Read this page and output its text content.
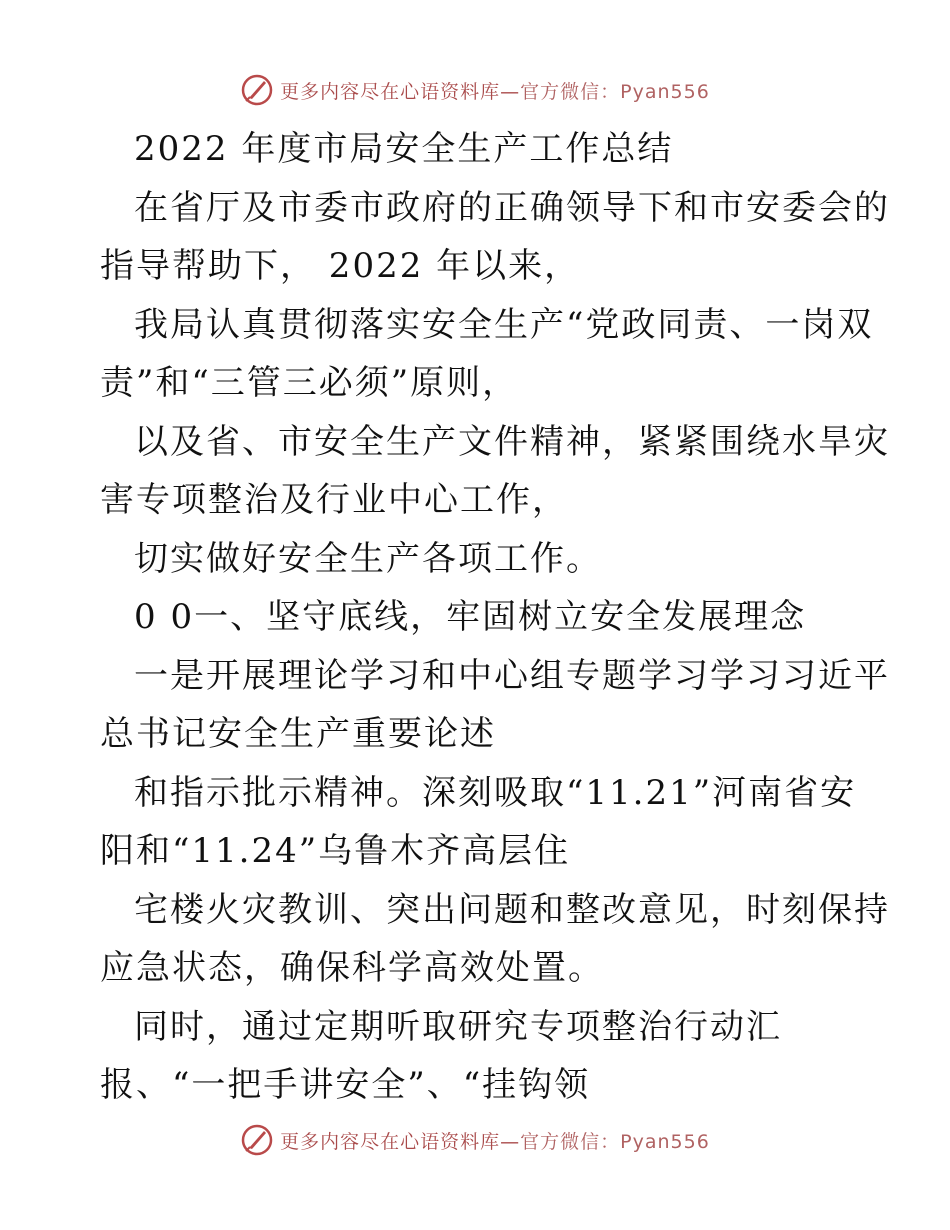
更多内容尽在心语资料库—官方微信：Pyan556
2022 年度市局安全生产工作总结
在省厅及市委市政府的正确领导下和市安委会的
指导帮助下， 2022 年以来，
我局认真贯彻落实安全生产“党政同责、一岗双
责”和“三管三必须”原则，
以及省、市安全生产文件精神，紧紧围绕水旱灾
害专项整治及行业中心工作，
切实做好安全生产各项工作。
0 0一、坚守底线，牢固树立安全发展理念
一是开展理论学习和中心组专题学习学习习近平
总书记安全生产重要论述
和指示批示精神。深刻吸取“11.21”河南省安
阳和“11.24”乌鲁木齐高层住
宅楼火灾教训、突出问题和整改意见，时刻保持
应急状态，确保科学高效处置。
同时，通过定期听取研究专项整治行动汇
报、“一把手讲安全”、“挂钩领
更多内容尽在心语资料库—官方微信：Pyan556
